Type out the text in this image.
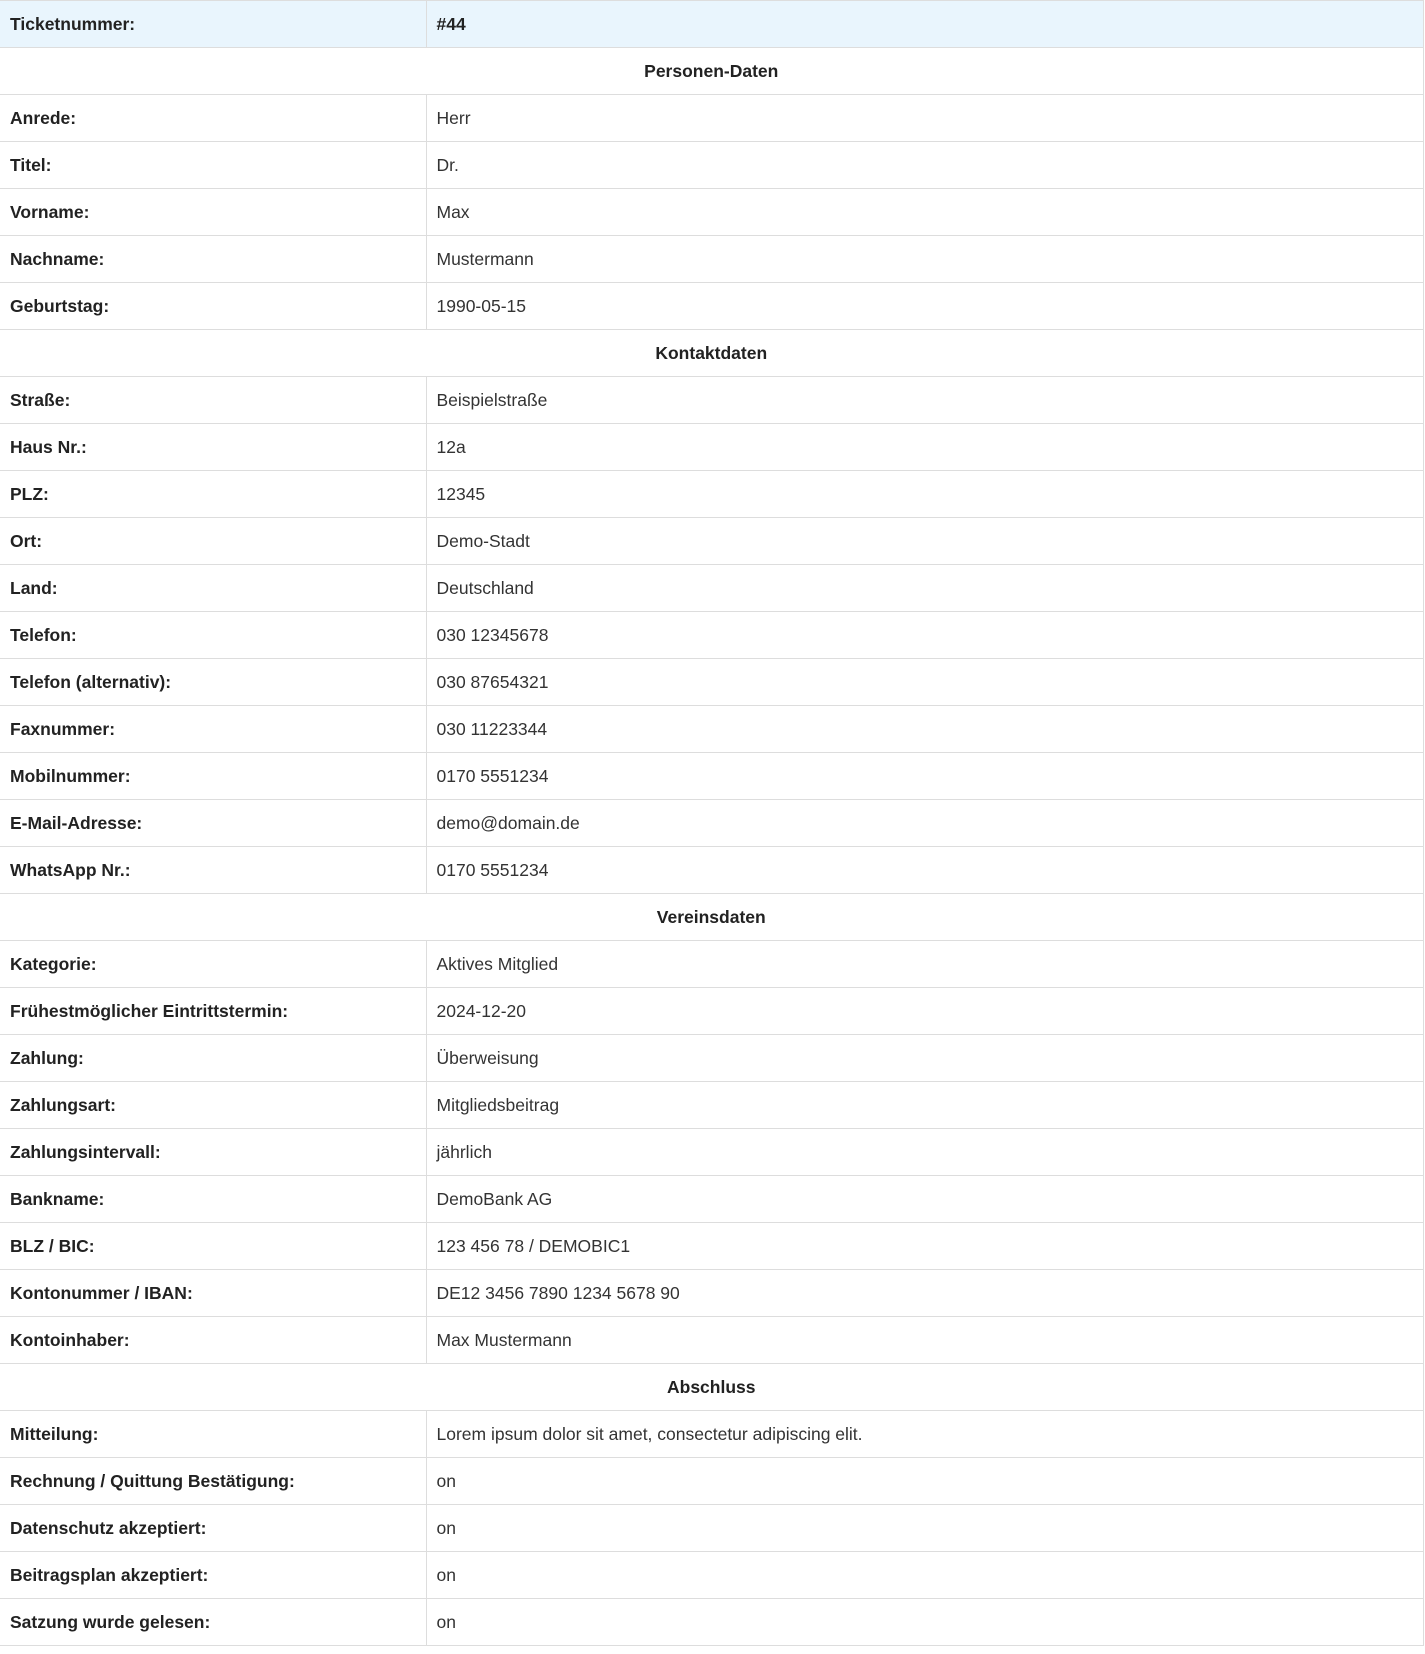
Ticketnummer:	#44
Personen-Daten	
Anrede:	Herr
Titel:	Dr.
Vorname:	Max
Nachname:	Mustermann
Geburtstag:	1990-05-15
Kontaktdaten	
Straße:	Beispielstraße
Haus Nr.:	12a
PLZ:	12345
Ort:	Demo-Stadt
Land:	Deutschland
Telefon:	030 12345678
Telefon (alternativ):	030 87654321
Faxnummer:	030 11223344
Mobilnummer:	0170 5551234
E-Mail-Adresse:	demo@domain.de
WhatsApp Nr.:	0170 5551234
Vereinsdaten	
Kategorie:	Aktives Mitglied
Frühestmöglicher Eintrittstermin:	2024-12-20
Zahlung:	Überweisung
Zahlungsart:	Mitgliedsbeitrag
Zahlungsintervall:	jährlich
Bankname:	DemoBank AG
BLZ / BIC:	123 456 78 / DEMOBIC1
Kontonummer / IBAN:	DE12 3456 7890 1234 5678 90
Kontoinhaber:	Max Mustermann
Abschluss	
Mitteilung:	Lorem ipsum dolor sit amet, consectetur adipiscing elit.
Rechnung / Quittung Bestätigung:	on
Datenschutz akzeptiert:	on
Beitragsplan akzeptiert:	on
Satzung wurde gelesen:	on
